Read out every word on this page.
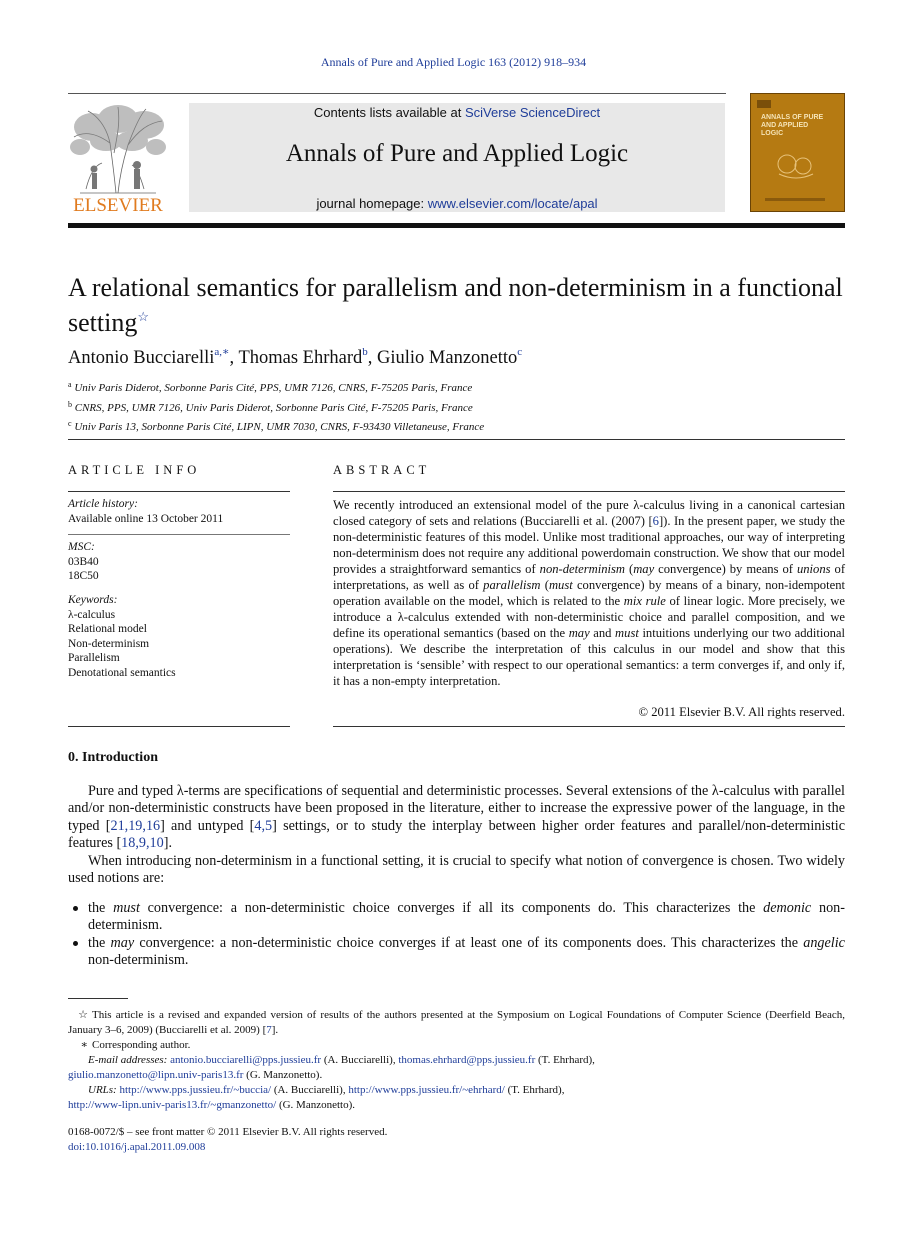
Annals of Pure and Applied Logic 163 (2012) 918–934
ELSEVIER
Contents lists available at SciVerse ScienceDirect
Annals of Pure and Applied Logic
journal homepage: www.elsevier.com/locate/apal
ANNALS OF PURE AND APPLIED LOGIC
A relational semantics for parallelism and non-determinism in a functional setting☆
Antonio Bucciarelli$^{a,∗}$, Thomas Ehrhard$^b$, Giulio Manzonetto$^c$
$^a$ Univ Paris Diderot, Sorbonne Paris Cité, PPS, UMR 7126, CNRS, F-75205 Paris, France
$^b$ CNRS, PPS, UMR 7126, Univ Paris Diderot, Sorbonne Paris Cité, F-75205 Paris, France
$^c$ Univ Paris 13, Sorbonne Paris Cité, LIPN, UMR 7030, CNRS, F-93430 Villetaneuse, France
ARTICLE INFO
Article history:
Available online 13 October 2011
MSC:
03B40
18C50
Keywords:
λ-calculus
Relational model
Non-determinism
Parallelism
Denotational semantics
ABSTRACT
We recently introduced an extensional model of the pure λ-calculus living in a canonical cartesian closed category of sets and relations (Bucciarelli et al. (2007) [6]). In the present paper, we study the non-deterministic features of this model. Unlike most traditional approaches, our way of interpreting non-determinism does not require any additional powerdomain construction. We show that our model provides a straightforward semantics of non-determinism (may convergence) by means of unions of interpretations, as well as of parallelism (must convergence) by means of a binary, non-idempotent operation available on the model, which is related to the mix rule of linear logic. More precisely, we introduce a λ-calculus extended with non-deterministic choice and parallel composition, and we define its operational semantics (based on the may and must intuitions underlying our two additional operations). We describe the interpretation of this calculus in our model and show that this interpretation is ‘sensible’ with respect to our operational semantics: a term converges if, and only if, it has a non-empty interpretation.
© 2011 Elsevier B.V. All rights reserved.
0. Introduction
Pure and typed λ-terms are specifications of sequential and deterministic processes. Several extensions of the λ-calculus with parallel and/or non-deterministic constructs have been proposed in the literature, either to increase the expressive power of the language, in the typed [21,19,16] and untyped [4,5] settings, or to study the interplay between higher order features and parallel/non-deterministic features [18,9,10].
When introducing non-determinism in a functional setting, it is crucial to specify what notion of convergence is chosen. Two widely used notions are:
the must convergence: a non-deterministic choice converges if all its components do. This characterizes the demonic non-determinism.
the may convergence: a non-deterministic choice converges if at least one of its components does. This characterizes the angelic non-determinism.
☆ This article is a revised and expanded version of results of the authors presented at the Symposium on Logical Foundations of Computer Science (Deerfield Beach, January 3–6, 2009) (Bucciarelli et al. 2009) [7].
∗ Corresponding author.
E-mail addresses: antonio.bucciarelli@pps.jussieu.fr (A. Bucciarelli), thomas.ehrhard@pps.jussieu.fr (T. Ehrhard),
giulio.manzonetto@lipn.univ-paris13.fr (G. Manzonetto).
URLs: http://www.pps.jussieu.fr/~buccia/ (A. Bucciarelli), http://www.pps.jussieu.fr/~ehrhard/ (T. Ehrhard),
http://www-lipn.univ-paris13.fr/~gmanzonetto/ (G. Manzonetto).
0168-0072/$ – see front matter © 2011 Elsevier B.V. All rights reserved.
doi:10.1016/j.apal.2011.09.008
